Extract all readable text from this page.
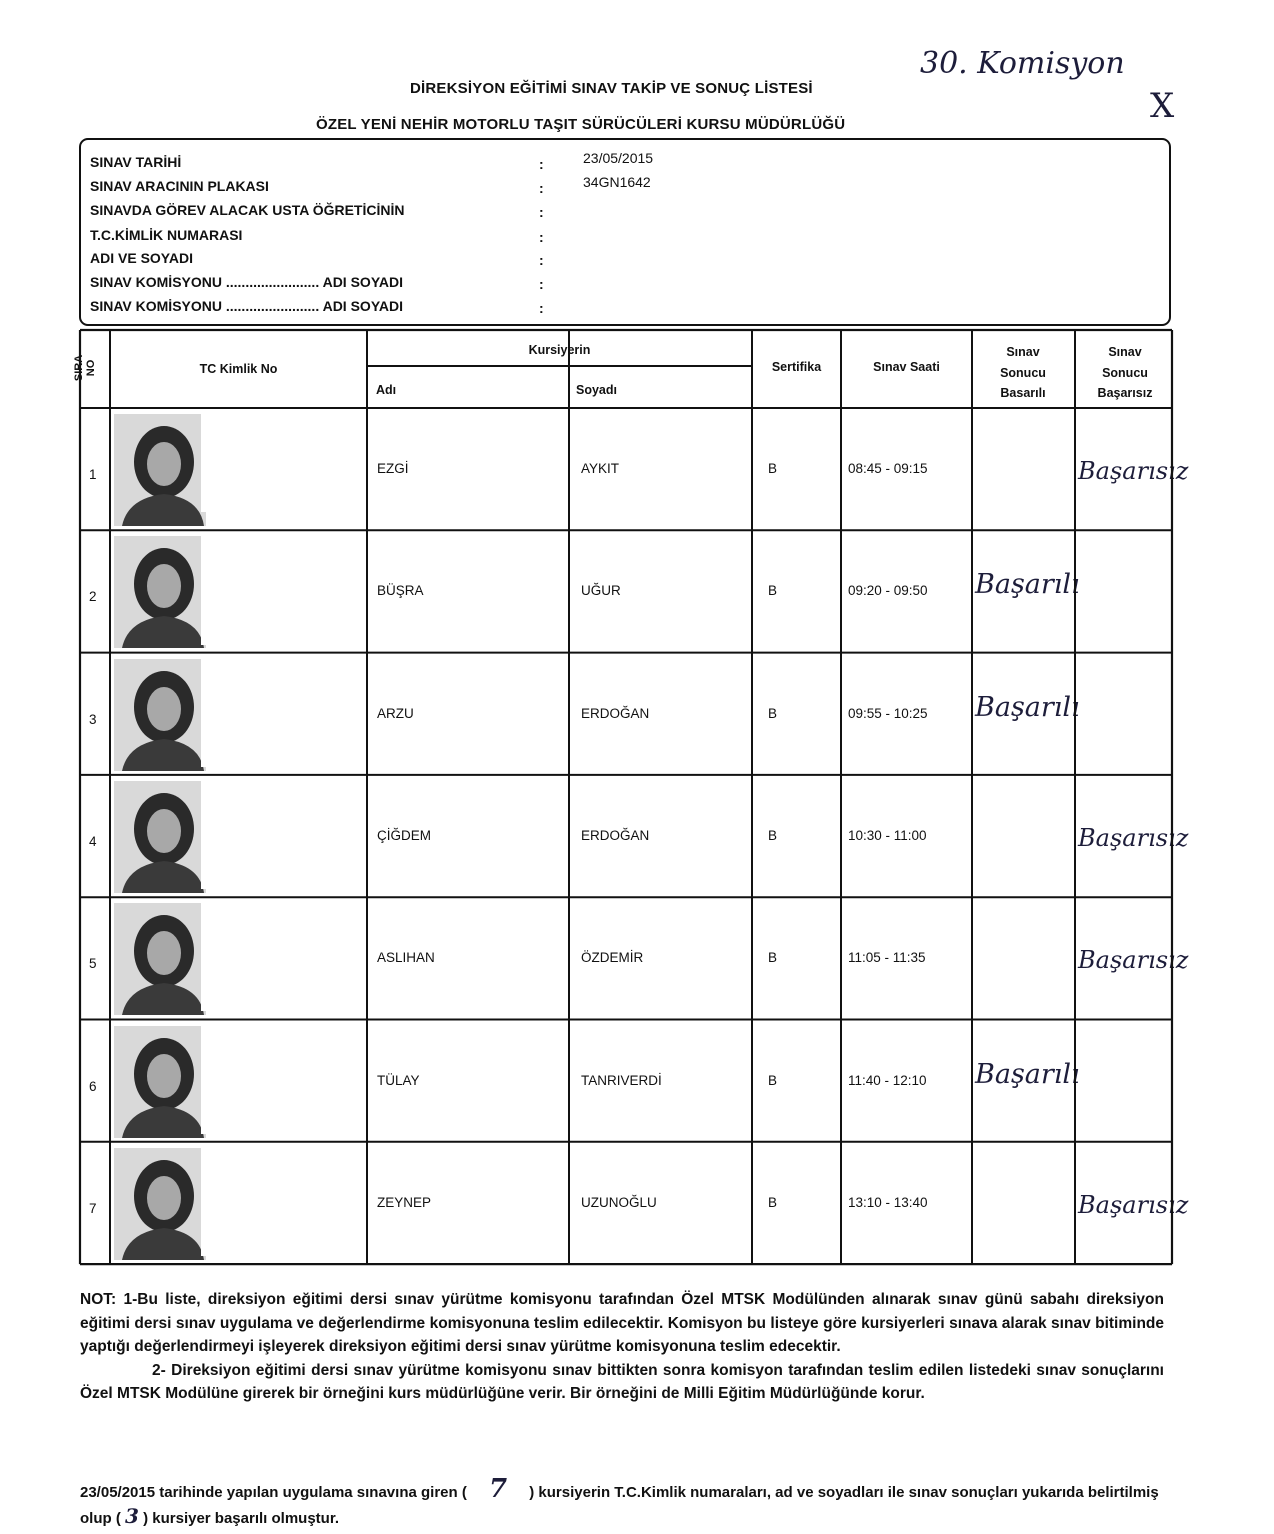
DİREKSİYON EĞİTİMİ SINAV TAKİP VE SONUÇ LİSTESİ
ÖZEL YENİ NEHİR MOTORLU TAŞIT SÜRÜCÜLERİ KURSU MÜDÜRLÜĞÜ
30. Komisyon
X
SINAV TARİHİ	:	23/05/2015
SINAV ARACININ PLAKASI	:	34GN1642
SINAVDA GÖREV ALACAK USTA ÖĞRETİCİNİN	:
T.C.KİMLİK NUMARASI	:
ADI VE SOYADI	:
SINAV KOMİSYONU ........................ ADI SOYADI	:
SINAV KOMİSYONU ........................ ADI SOYADI	:
SIRA NO	TC Kimlik No
Kursiyerin
Adı	Soyadı
Sertifika	Sınav Saati
Sınav Sonucu Basarılı
Sınav Sonucu Başarısız
1	EZGİ	AYKIT	B	08:45 - 09:15	Başarısız
2	BÜŞRA	UĞUR	B	09:20 - 09:50 Başarılı
3	ARZU	ERDOĞAN	B	09:55 - 10:25 Başarılı
4	ÇİĞDEM	ERDOĞAN	B	10:30 - 11:00	Başarısız
5	ASLIHAN	ÖZDEMİR	B	11:05 - 11:35	Başarısız
6	TÜLAY	TANRIVERDİ	B	11:40 - 12:10 Başarılı
7	ZEYNEP	UZUNOĞLU	B	13:10 - 13:40	Başarısız

NOT: 1-Bu liste, direksiyon eğitimi dersi sınav yürütme komisyonu tarafından Özel MTSK Modülünden alınarak sınav günü sabahı direksiyon eğitimi dersi sınav uygulama ve değerlendirme komisyonuna teslim edilecektir. Komisyon bu listeye göre kursiyerleri sınava alarak sınav bitiminde yaptığı değerlendirmeyi işleyerek direksiyon eğitimi dersi sınav yürütme komisyonuna teslim edecektir.

2- Direksiyon eğitimi dersi sınav yürütme komisyonu sınav bittikten sonra komisyon tarafından teslim edilen listedeki sınav sonuçlarını Özel MTSK Modülüne girerek bir örneğini kurs müdürlüğüne verir. Bir örneğini de Milli Eğitim Müdürlüğünde korur.

23/05/2015 tarihinde yapılan uygulama sınavına giren ( 7 ) kursiyerin T.C.Kimlik numaraları, ad ve soyadları ile sınav sonuçları yukarıda belirtilmiş olup ( 3 ) kursiyer başarılı olmuştur.
